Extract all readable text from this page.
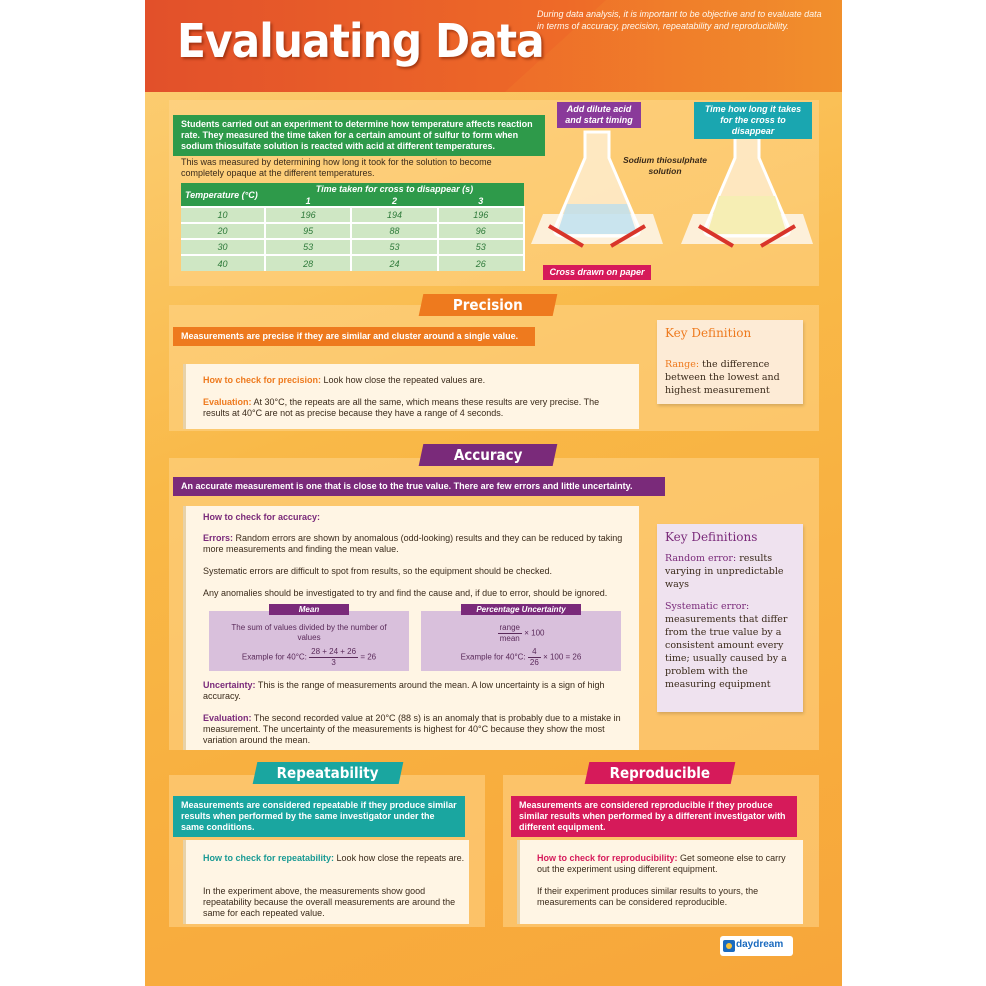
Evaluating Data
During data analysis, it is important to be objective and to evaluate data in terms of accuracy, precision, repeatability and reproducibility.
Students carried out an experiment to determine how temperature affects reaction rate. They measured the time taken for a certain amount of sulfur to form when sodium thiosulfate solution is reacted with acid at different temperatures.
This was measured by determining how long it took for the solution to become completely opaque at the different temperatures.
Temperature (°C)	Time taken for cross to disappear (s)		
	1	2	3
10	196	194	196
20	95	88	96
30	53	53	53
40	28	24	26
Add dilute acid and start timing
Time how long it takes for the cross to disappear
Sodium thiosulphate solution
Cross drawn on paper
Precision
Measurements are precise if they are similar and cluster around a single value.
How to check for precision: Look how close the repeated values are.
Evaluation: At 30°C, the repeats are all the same, which means these results are very precise. The results at 40°C are not as precise because they have a range of 4 seconds.
Key Definition
Range: the difference between the lowest and highest measurement
Accuracy
An accurate measurement is one that is close to the true value. There are few errors and little uncertainty.
How to check for accuracy:
Errors: Random errors are shown by anomalous (odd-looking) results and they can be reduced by taking more measurements and finding the mean value.
Systematic errors are difficult to spot from results, so the equipment should be checked.
Any anomalies should be investigated to try and find the cause and, if due to error, should be ignored.
Mean
The sum of values divided by the number of values
Example for 40°C: $\frac{28 + 24 + 26}{3} = 26$
Percentage Uncertainty
$\frac{\text{range}}{\text{mean}} \times 100$
Example for 40°C: $\frac{4}{26} \times 100 = 26$
Uncertainty: This is the range of measurements around the mean. A low uncertainty is a sign of high accuracy.
Evaluation: The second recorded value at 20°C (88 s) is an anomaly that is probably due to a mistake in measurement. The uncertainty of the measurements is highest for 40°C because they show the most variation around the mean.
Key Definitions
Random error: results varying in unpredictable ways
Systematic error: measurements that differ from the true value by a consistent amount every time; usually caused by a problem with the measuring equipment
Repeatability
Measurements are considered repeatable if they produce similar results when performed by the same investigator under the same conditions.
How to check for repeatability: Look how close the repeats are.
In the experiment above, the measurements show good repeatability because the overall measurements are around the same for each repeated value.
Reproducible
Measurements are considered reproducible if they produce similar results when performed by a different investigator with different equipment.
How to check for reproducibility: Get someone else to carry out the experiment using different equipment.
If their experiment produces similar results to yours, the measurements can be considered reproducible.
daydream
